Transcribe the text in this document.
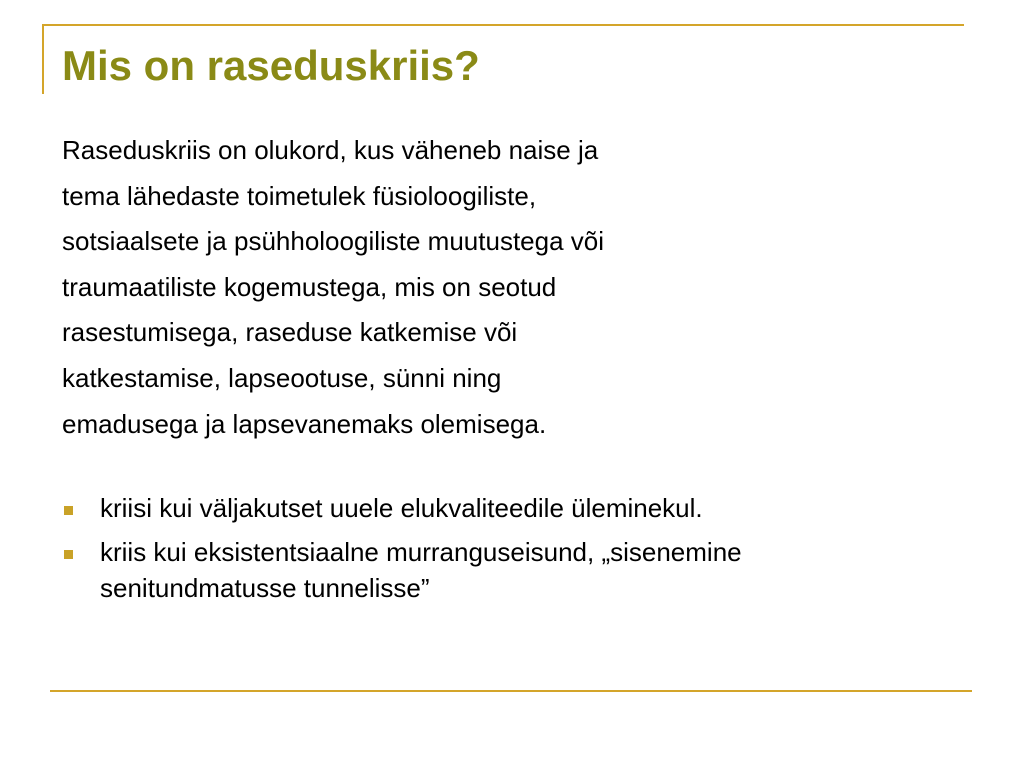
Mis on raseduskriis?
Raseduskriis on olukord, kus väheneb naise ja
tema lähedaste toimetulek füsioloogiliste,
sotsiaalsete ja psühholoogiliste muutustega või
traumaatiliste kogemustega, mis on seotud
rasestumisega, raseduse katkemise või
katkestamise, lapseootuse, sünni ning
emadusega ja lapsevanemaks olemisega.
kriisi kui väljakutset uuele elukvaliteedile üleminekul.
kriis kui eksistentsiaalne murranguseisund, „sisenemine
senitundmatusse tunnelisse”
